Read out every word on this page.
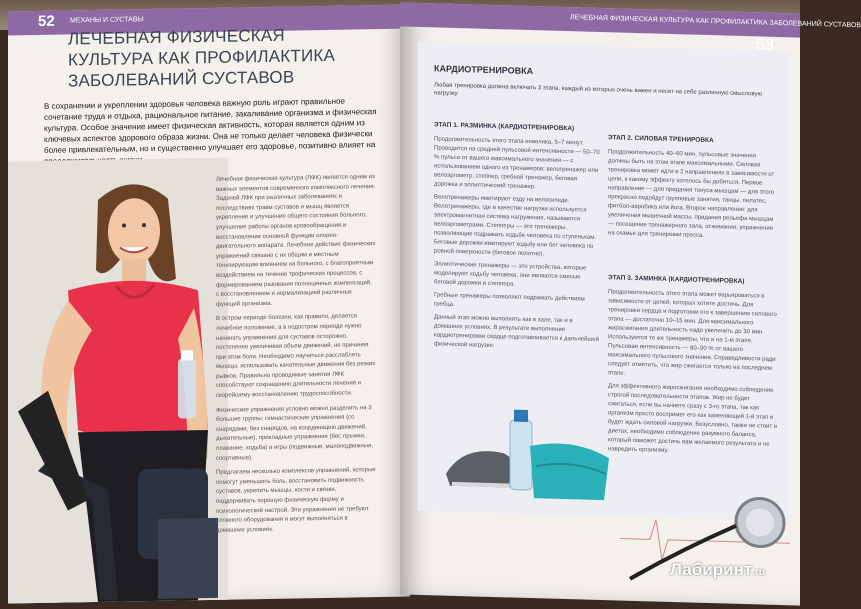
52 МЕХАНЫ И СУСТАВЫ
ЛЕЧЕБНАЯ ФИЗИЧЕСКАЯ КУЛЬТУРА КАК ПРОФИЛАКТИКА ЗАБОЛЕВАНИЙ СУСТАВОВ
В сохранении и укреплении здоровья человека важную роль играют правильное сочетание труда и отдыха, рациональное питание, закаливание организма и физическая культура. Особое значение имеет физическая активность, которая является одним из ключевых аспектов здорового образа жизни. Она не только делает человека физически более привлекательным, но и существенно улучшает его здоровье, позитивно влияет на

Лечебная физическая культура (ЛФК) является одним из важных элементов современного комплексного лечения. Задачей ЛФК при различных заболеваниях и последствиях травм суставов и мышц является укрепление и улучшение общего состояния больного, улучшение работы органов кровообращения и восстановление основной функции опорно-двигательного аппарата. Лечебное действие физических упражнений связано с их общим и местным тонизирующим влиянием на больного, с благоприятным воздействием на течение трофических процессов, с формированием разования полноценных компенсаций, с восстановлением и нормализацией различных функций организма.

В остром периоде болезни, как правило, делается лечебное положение, а в подостром периоде нужно начинать упражнения для суставов осторожно, постепенно увеличивая объем движений, не причиняя при этом боли. Необходимо научиться расслаблять мышцы, использовать качательные движения без резких рывков. Правильно проводимые занятия ЛФК способствуют сокращению длительности лечения и скорейшему восстановлению трудоспособности.

Физические упражнения условно можно разделить на 3 большие группы: гимнастические упражнения (со снарядами, без снарядов, на координацию движений, дыхательные), прикладные упражнения (бег, прыжки, плавание, ходьба) и игры (подвижные, малоподвижные, спортивные).

Предлагаем несколько комплексов упражнений, которые помогут уменьшить боль, восстановить подвижность суставов, укрепить мышцы, кости и связки, поддерживать хорошую физическую форму и психологический настрой. Эти упражнения не требуют сложного оборудования и могут выполняться в домашних условиях.

ЛЕЧЕБНАЯ ФИЗИЧЕСКАЯ КУЛЬТУРА КАК ПРОФИЛАКТИКА ЗАБОЛЕВАНИЙ СУСТАВОВ
53
КАРДИОТРЕНИРОВКА
Любая тренировка должна включать 3 этапа, каждый из которых очень важен и несет на себе различную смысловую нагрузку.
ЭТАП 1. РАЗМИНКА (КАРДИОТРЕНИРОВКА)

Продолжительность этого этапа невелика, 5–7 минут. Проводится на средней пульсовой интенсивности — 50–70 % пульса от вашего максимального значения — с использованием одного из тренажеров: велотренажер или велоэргометр, степпер, гребной тренажер, беговая дорожка и эллиптический тренажер.

Велотренажеры имитируют езду на велосипеде. Велотренажеры, где в качестве нагрузки используется электромагнитная система нагружения, называются велоэргометрами. Степперы — это тренажеры, позволяющие подражать ходьбе человека по ступенькам. Беговые дорожки имитируют ходьбу или бег человека по ровной поверхности (беговое полотно).

Эллиптические тренажеры — это устройства, которые моделируют ходьбу человека, они являются смесью беговой дорожки и степпера.

Гребные тренажеры позволяют подражать действиям гребца.

Данный этап можно выполнять как в зале, так и в домашних условиях. В результате выполнения кардиотренировки сердце подготавливается к дальнейшей физической нагрузке.

ЭТАП 2. СИЛОВАЯ ТРЕНИРОВКА

Продолжительность 40–60 мин, пульсовые значения должны быть на этом этапе максимальными. Силовая тренировка может идти в 2 направлениях в зависимости от цели, к какому эффекту хотелось бы добиться. Первое направление — для придания тонуса мышцам — для этого прекрасно подойдут групповые занятия, танцы, пилатес, фитбол-аэробика или йога. Второе направление: для увеличения мышечной массы, придания рельефа мышцам — посещение тренажерного зала, отжимания, упражнения на скамье для тренировки пресса.

ЭТАП 3. ЗАМИНКА (КАРДИОТРЕНИРОВКА)

Продолжительность этого этапа может варьироваться в зависимости от целей, которых хотите достичь. Для тренировки сердца и подготовки его к завершению силового этапа — достаточно 10–15 мин. Для максимального жиросжигания длительность надо увеличить до 30 мин. Используются те же тренажеры, что и на 1-м этапе. Пульсовая интенсивность — 80–90 % от вашего максимального пульсового значения. Справедливости ради следует отметить, что жир сжигается только на последнем этапе.

Для эффективного жиросжигания необходимо соблюдение строгой последовательности этапов. Жир не будет сжигаться, если вы начнете сразу с 3-го этапа, так как организм просто воспримет его как заменяющий 1-й этап и будет ждать силовой нагрузки. Безусловно, также не стоит в диетах, необходимо соблюдение разумного баланса, который поможет достичь вам желаемого результата и не навредить организму.

Лабиринт.ru
